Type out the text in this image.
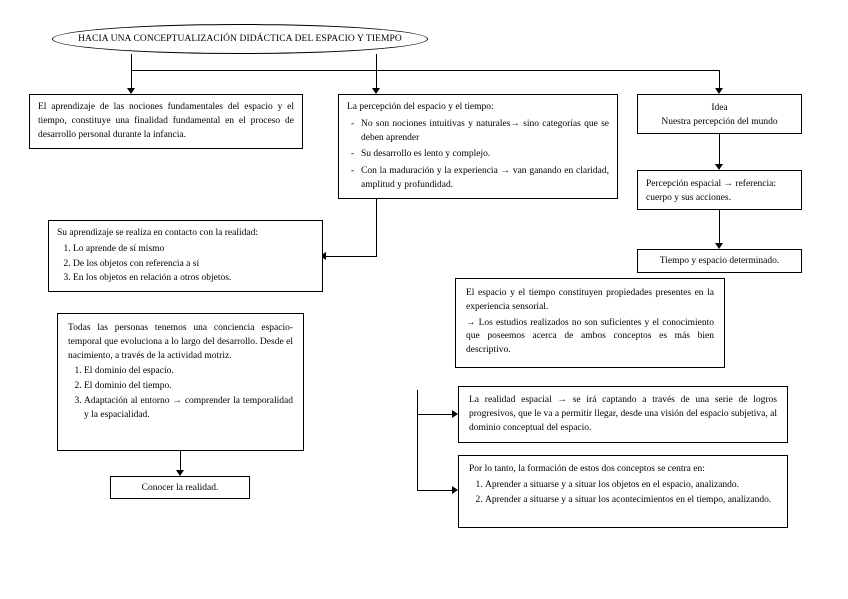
HACIA UNA CONCEPTUALIZACIÓN DIDÁCTICA DEL ESPACIO Y TIEMPO
El aprendizaje de las nociones fundamentales del espacio y el tiempo, constituye una finalidad fundamental en el proceso de desarrollo personal durante la infancia.
La percepción del espacio y el tiempo:
- No son nociones intuitivas y naturales→ sino categorías que se deben aprender
- Su desarrollo es lento y complejo.
- Con la maduración y la experiencia → van ganando en claridad, amplitud y profundidad.
Idea
Nuestra percepción del mundo
Percepción espacial → referencia: cuerpo y sus acciones.
Tiempo y espacio determinado.
Su aprendizaje se realiza en contacto con la realidad:
1. Lo aprende de sí mismo
2. De los objetos con referencia a sí
3. En los objetos en relación a otros objetos.
Todas las personas tenemos una conciencia espacio-temporal que evoluciona a lo largo del desarrollo. Desde el nacimiento, a través de la actividad motriz.
1. El dominio del espacio.
2. El dominio del tiempo.
3. Adaptación al entorno → comprender la temporalidad y la espacialidad.
Conocer la realidad.

El espacio y el tiempo constituyen propiedades presentes en la experiencia sensorial.

→ Los estudios realizados no son suficientes y el conocimiento que poseemos acerca de ambos conceptos es más bien descriptivo.

La realidad espacial → se irá captando a través de una serie de logros progresivos, que le va a permitir llegar, desde una visión del espacio subjetiva, al dominio conceptual del espacio.
Por lo tanto, la formación de estos dos conceptos se centra en:
1. Aprender a situarse y a situar los objetos en el espacio, analizando.
2. Aprender a situarse y a situar los acontecimientos en el tiempo, analizando.
